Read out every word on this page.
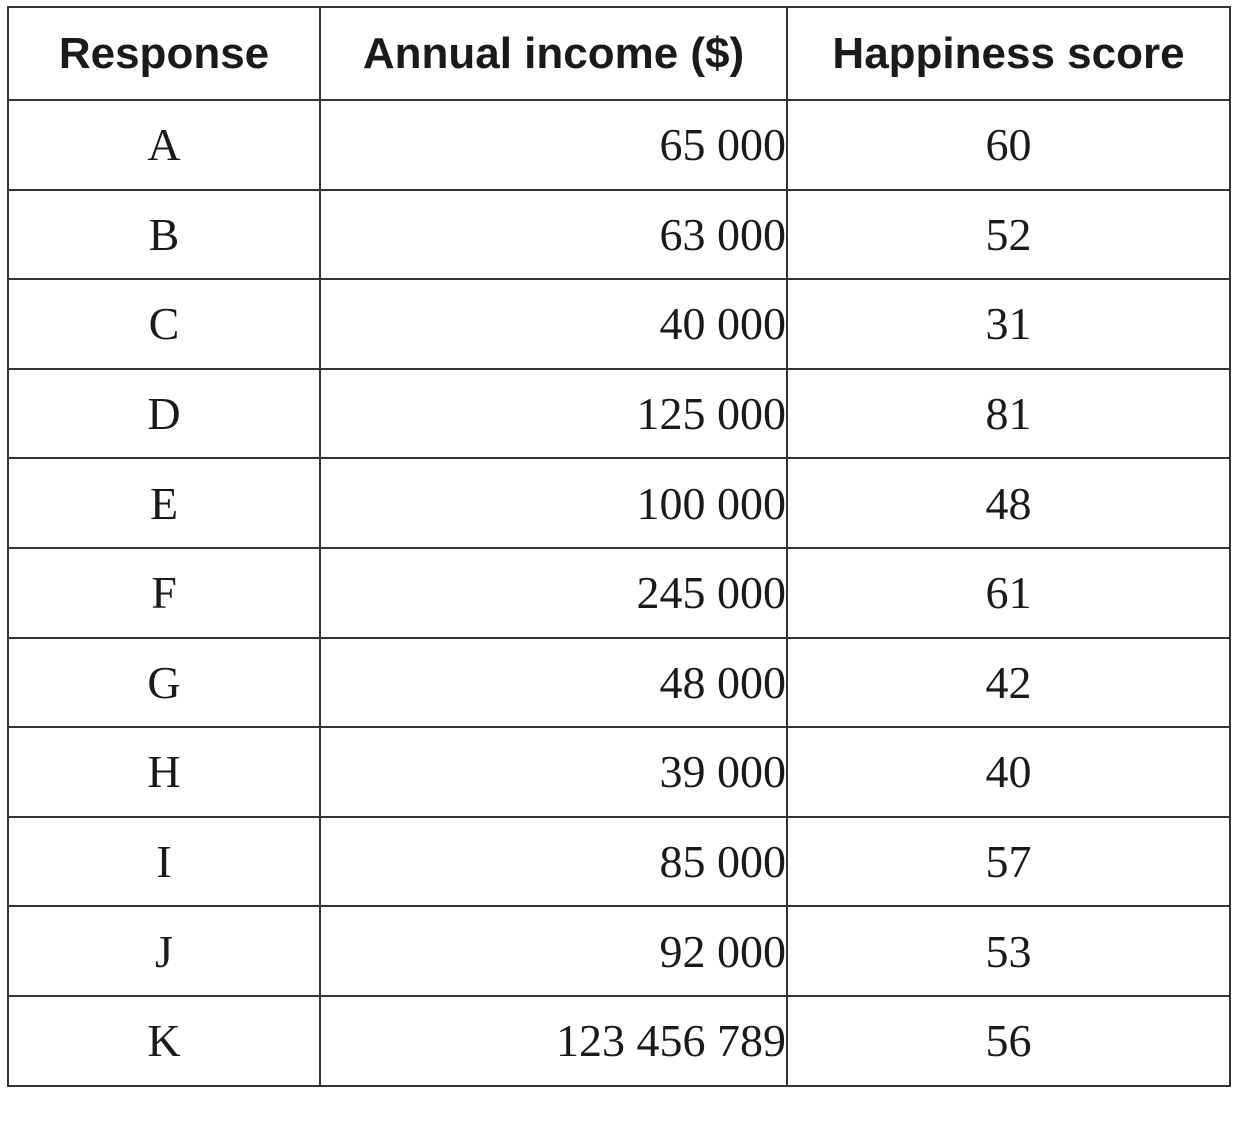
Response	Annual income ($)	Happiness score
A	65 000	60
B	63 000	52
C	40 000	31
D	125 000	81
E	100 000	48
F	245 000	61
G	48 000	42
H	39 000	40
I	85 000	57
J	92 000	53
K	123 456 789	56
